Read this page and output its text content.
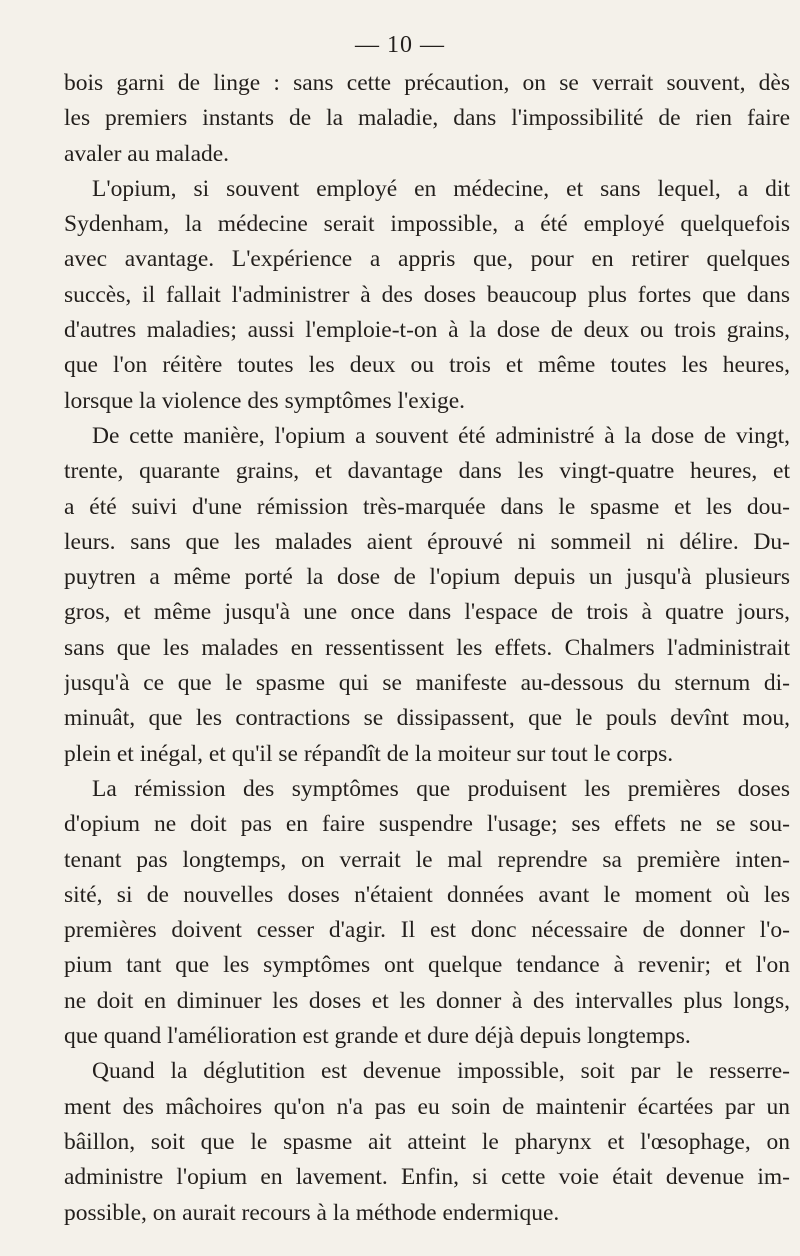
— 10 —
bois garni de linge : sans cette précaution, on se verrait souvent, dès
les premiers instants de la maladie, dans l'impossibilité de rien faire
avaler au malade.
L'opium, si souvent employé en médecine, et sans lequel, a dit
Sydenham, la médecine serait impossible, a été employé quelquefois
avec avantage. L'expérience a appris que, pour en retirer quelques
succès, il fallait l'administrer à des doses beaucoup plus fortes que dans
d'autres maladies; aussi l'emploie-t-on à la dose de deux ou trois grains,
que l'on réitère toutes les deux ou trois et même toutes les heures,
lorsque la violence des symptômes l'exige.
De cette manière, l'opium a souvent été administré à la dose de vingt,
trente, quarante grains, et davantage dans les vingt-quatre heures, et
a été suivi d'une rémission très-marquée dans le spasme et les dou-
leurs. sans que les malades aient éprouvé ni sommeil ni délire. Du-
puytren a même porté la dose de l'opium depuis un jusqu'à plusieurs
gros, et même jusqu'à une once dans l'espace de trois à quatre jours,
sans que les malades en ressentissent les effets. Chalmers l'administrait
jusqu'à ce que le spasme qui se manifeste au-dessous du sternum di-
minuât, que les contractions se dissipassent, que le pouls devînt mou,
plein et inégal, et qu'il se répandît de la moiteur sur tout le corps.
La rémission des symptômes que produisent les premières doses
d'opium ne doit pas en faire suspendre l'usage; ses effets ne se sou-
tenant pas longtemps, on verrait le mal reprendre sa première inten-
sité, si de nouvelles doses n'étaient données avant le moment où les
premières doivent cesser d'agir. Il est donc nécessaire de donner l'o-
pium tant que les symptômes ont quelque tendance à revenir; et l'on
ne doit en diminuer les doses et les donner à des intervalles plus longs,
que quand l'amélioration est grande et dure déjà depuis longtemps.
Quand la déglutition est devenue impossible, soit par le resserre-
ment des mâchoires qu'on n'a pas eu soin de maintenir écartées par un
bâillon, soit que le spasme ait atteint le pharynx et l'œsophage, on
administre l'opium en lavement. Enfin, si cette voie était devenue im-
possible, on aurait recours à la méthode endermique.
